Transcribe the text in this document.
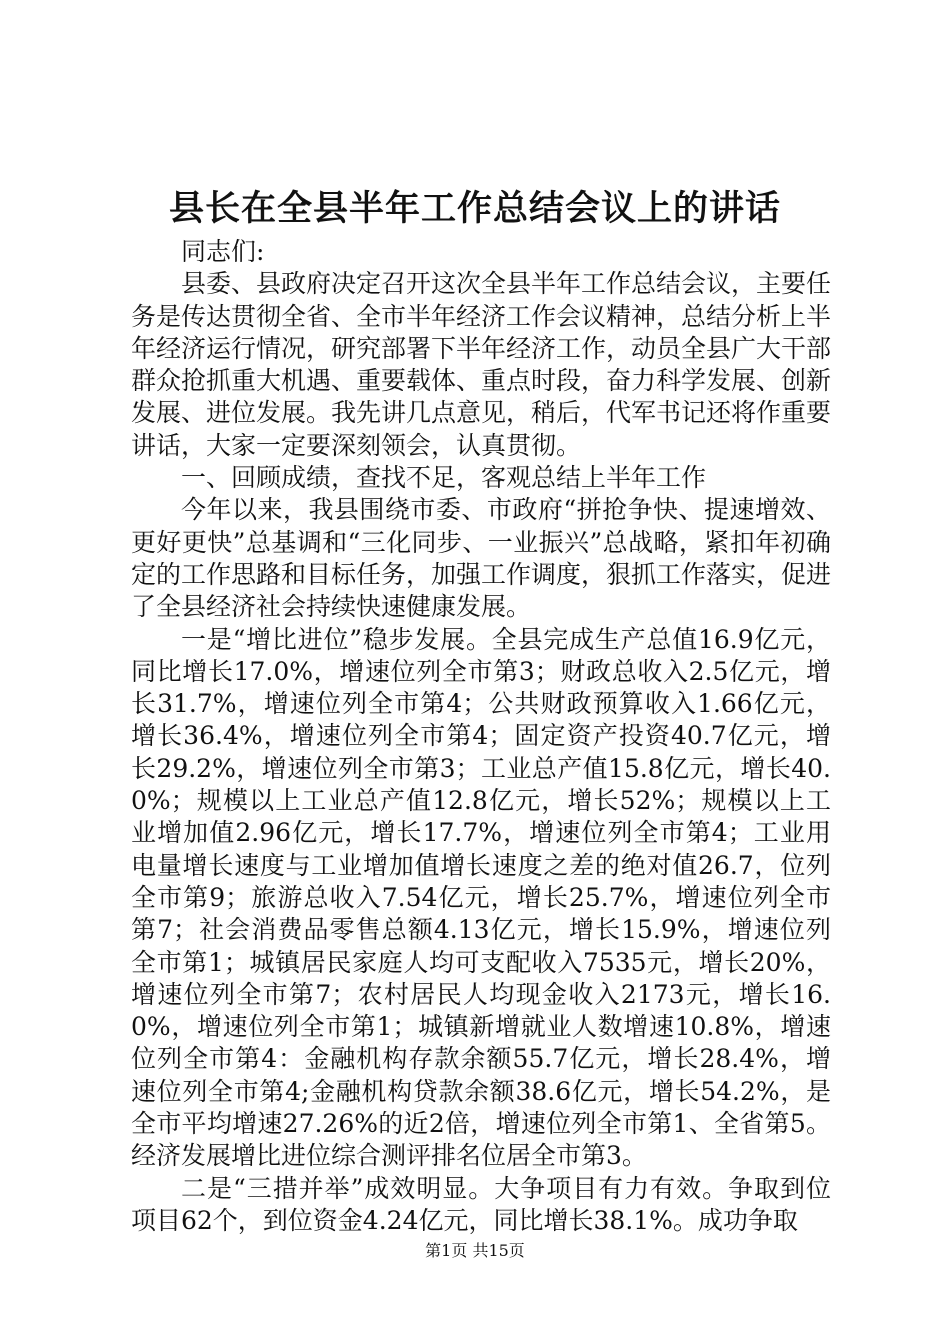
县长在全县半年工作总结会议上的讲话

同志们:

县委、县政府决定召开这次全县半年工作总结会议，主要任务是传达贯彻全省、全市半年经济工作会议精神，总结分析上半年经济运行情况，研究部署下半年经济工作，动员全县广大干部群众抢抓重大机遇、重要载体、重点时段，奋力科学发展、创新发展、进位发展。我先讲几点意见，稍后，代军书记还将作重要讲话，大家一定要深刻领会，认真贯彻。

一、回顾成绩，查找不足，客观总结上半年工作

今年以来，我县围绕市委、市政府“拼抢争快、提速增效、更好更快”总基调和“三化同步、一业振兴”总战略，紧扣年初确定的工作思路和目标任务，加强工作调度，狠抓工作落实，促进了全县经济社会持续快速健康发展。

一是“增比进位”稳步发展。全县完成生产总值16.9亿元，同比增长17.0%，增速位列全市第3；财政总收入2.5亿元，增长31.7%，增速位列全市第4；公共财政预算收入1.66亿元，增长36.4%，增速位列全市第4；固定资产投资40.7亿元，增长29.2%，增速位列全市第3；工业总产值15.8亿元，增长40.0%；规模以上工业总产值12.8亿元，增长52%；规模以上工业增加值2.96亿元，增长17.7%，增速位列全市第4；工业用电量增长速度与工业增加值增长速度之差的绝对值26.7，位列全市第9；旅游总收入7.54亿元，增长25.7%，增速位列全市第7；社会消费品零售总额4.13亿元，增长15.9%，增速位列全市第1；城镇居民家庭人均可支配收入7535元，增长20%，增速位列全市第7；农村居民人均现金收入2173元，增长16.0%，增速位列全市第1；城镇新增就业人数增速10.8%，增速位列全市第4：金融机构存款余额55.7亿元，增长28.4%，增速位列全市第4;金融机构贷款余额38.6亿元，增长54.2%，是全市平均增速27.26%的近2倍，增速位列全市第1、全省第5。经济发展增比进位综合测评排名位居全市第3。

二是“三措并举”成效明显。大争项目有力有效。争取到位项目62个，到位资金4.24亿元，同比增长38.1%。成功争取

第1页 共15页
